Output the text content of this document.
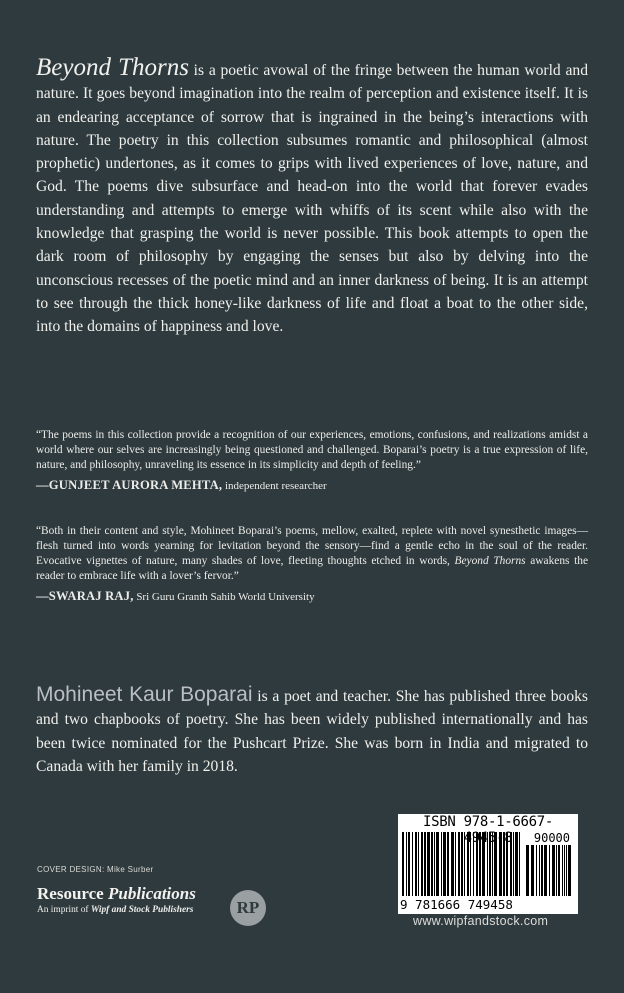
Beyond Thorns is a poetic avowal of the fringe between the human world and nature. It goes beyond imagination into the realm of perception and existence itself. It is an endearing acceptance of sorrow that is ingrained in the being’s interactions with nature. The poetry in this collection subsumes romantic and philosophical (almost prophetic) undertones, as it comes to grips with lived experiences of love, nature, and God. The poems dive subsurface and head-on into the world that forever evades understanding and attempts to emerge with whiffs of its scent while also with the knowledge that grasping the world is never possible. This book attempts to open the dark room of philosophy by engaging the senses but also by delving into the unconscious recesses of the poetic mind and an inner darkness of being. It is an attempt to see through the thick honey-like darkness of life and float a boat to the other side, into the domains of happiness and love.
“The poems in this collection provide a recognition of our experiences, emotions, confusions, and realizations amidst a world where our selves are increasingly being questioned and challenged. Boparai’s poetry is a true expression of life, nature, and philosophy, unraveling its essence in its simplicity and depth of feeling.”
—GUNJEET AURORA MEHTA, independent researcher
“Both in their content and style, Mohineet Boparai’s poems, mellow, exalted, replete with novel synesthetic images—flesh turned into words yearning for levitation beyond the sensory—find a gentle echo in the soul of the reader. Evocative vignettes of nature, many shades of love, fleeting thoughts etched in words, Beyond Thorns awakens the reader to embrace life with a lover’s fervor.”
—SWARAJ RAJ, Sri Guru Granth Sahib World University
Mohineet Kaur Boparai is a poet and teacher. She has published three books and two chapbooks of poetry. She has been widely published internationally and has been twice nominated for the Pushcart Prize. She was born in India and migrated to Canada with her family in 2018.
ISBN 978-1-6667- 945-8	90000
9 781666 749458
www.wipfandstock.com
COVER DESIGN: Mike Surber
Resource Publications
An imprint of Wipf and Stock Publishers	RP
